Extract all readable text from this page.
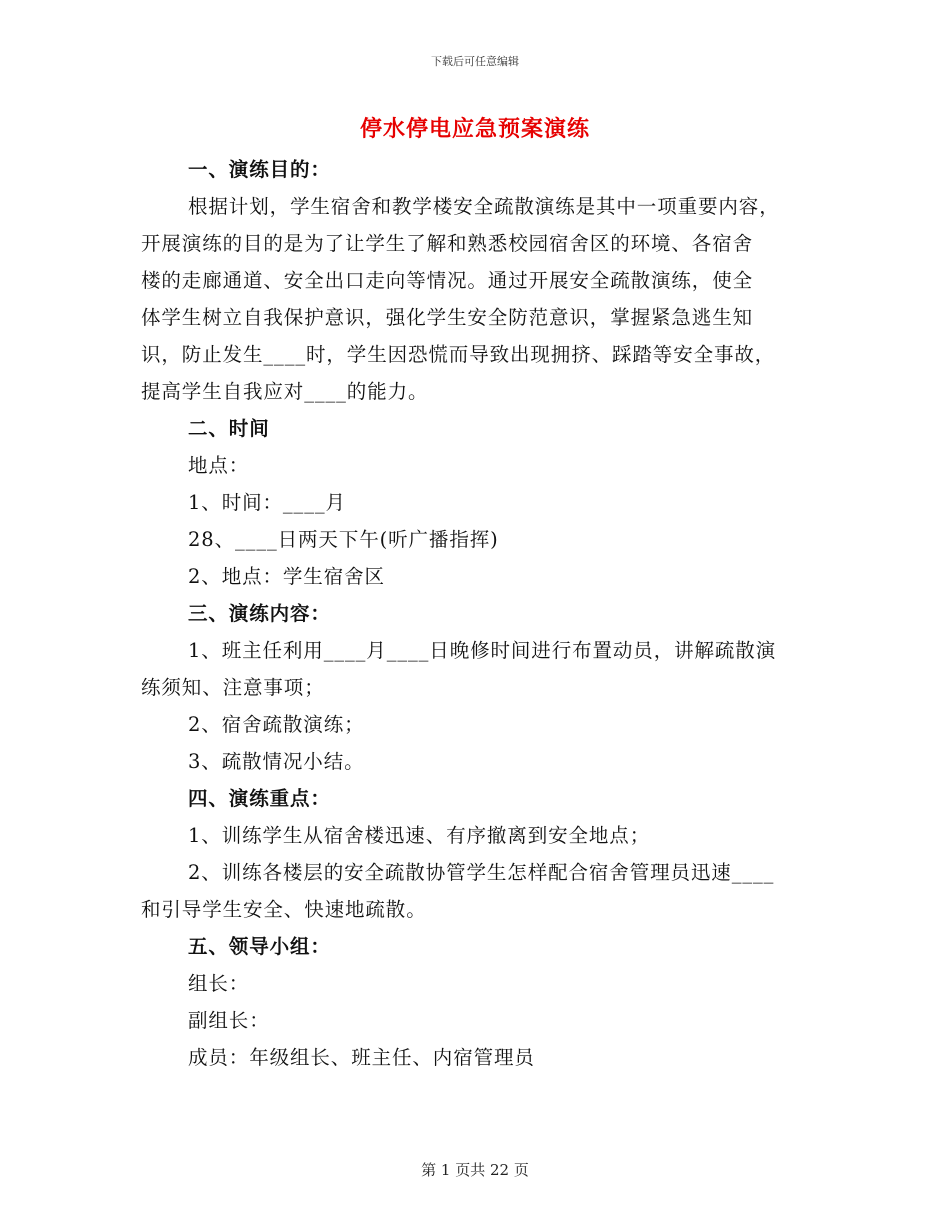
下载后可任意编辑
停水停电应急预案演练
一、演练目的：
根据计划，学生宿舍和教学楼安全疏散演练是其中一项重要内容，
开展演练的目的是为了让学生了解和熟悉校园宿舍区的环境、各宿舍
楼的走廊通道、安全出口走向等情况。通过开展安全疏散演练，使全
体学生树立自我保护意识，强化学生安全防范意识，掌握紧急逃生知
识，防止发生____时，学生因恐慌而导致出现拥挤、踩踏等安全事故，
提高学生自我应对____的能力。
二、时间
地点：
1、时间：____月
28、____日两天下午(听广播指挥)
2、地点：学生宿舍区
三、演练内容：
1、班主任利用____月____日晚修时间进行布置动员，讲解疏散演
练须知、注意事项；
2、宿舍疏散演练；
3、疏散情况小结。
四、演练重点：
1、训练学生从宿舍楼迅速、有序撤离到安全地点；
2、训练各楼层的安全疏散协管学生怎样配合宿舍管理员迅速____
和引导学生安全、快速地疏散。
五、领导小组：
组长：
副组长：
成员：年级组长、班主任、内宿管理员
第 1 页共 22 页
